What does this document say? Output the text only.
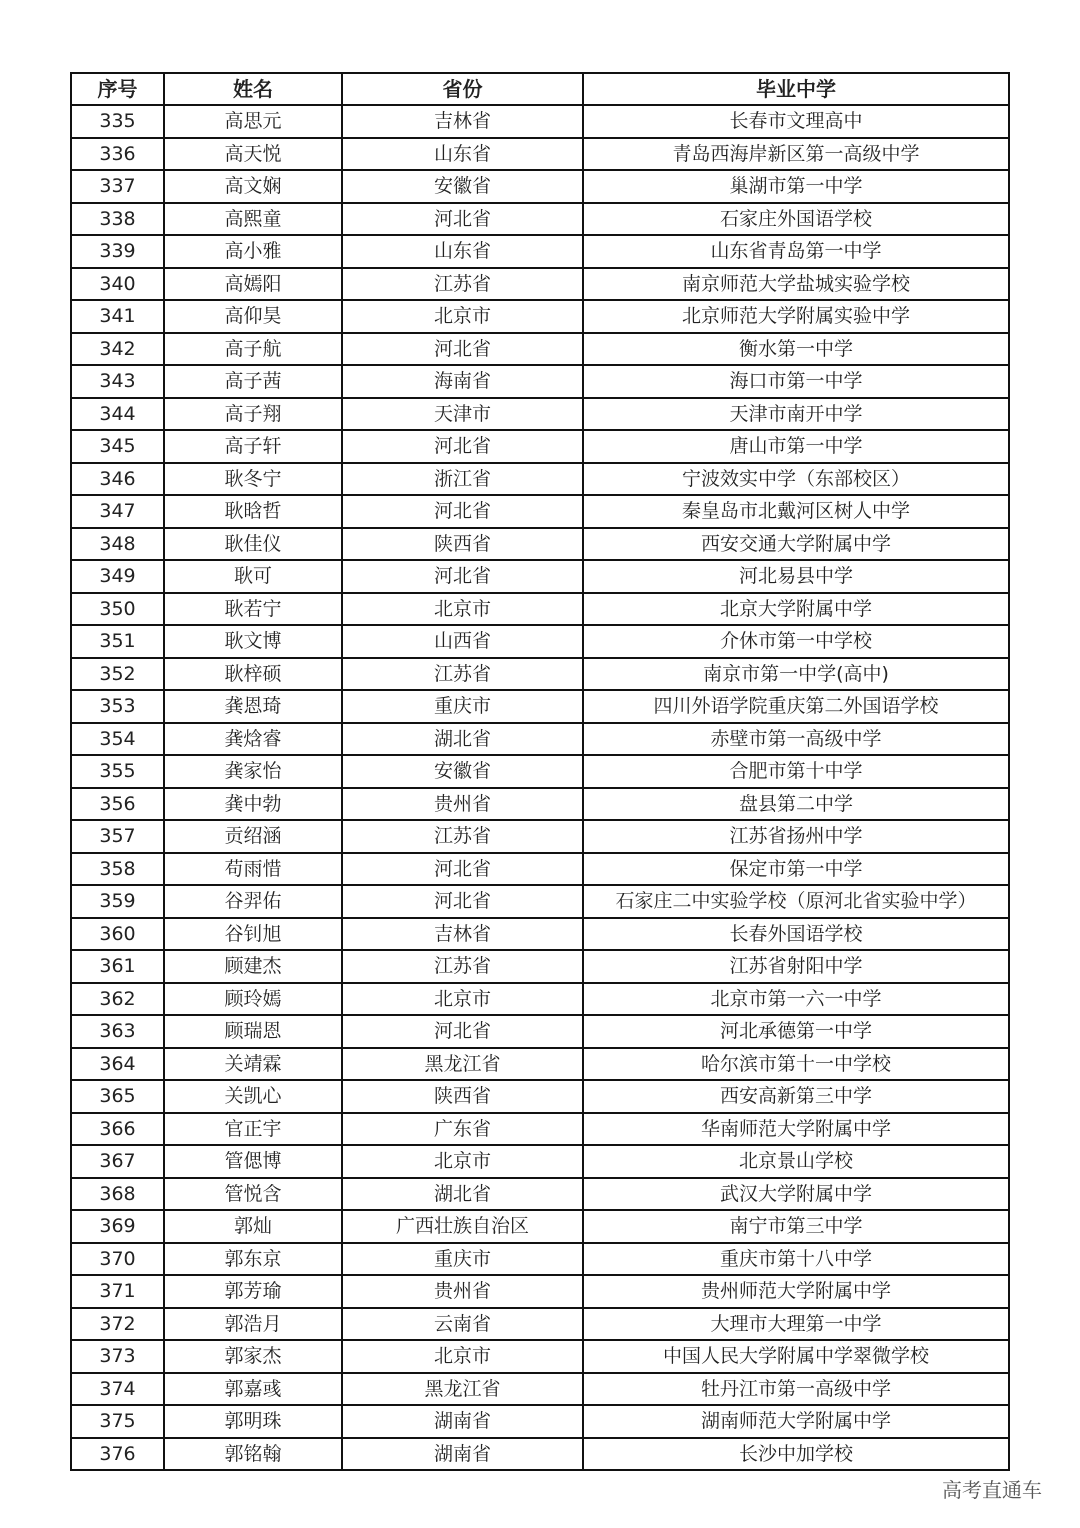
序号	姓名	省份	毕业中学
335	高思元	吉林省	长春市文理高中
336	高天悦	山东省	青岛西海岸新区第一高级中学
337	高文娴	安徽省	巢湖市第一中学
338	高熙童	河北省	石家庄外国语学校
339	高小雅	山东省	山东省青岛第一中学
340	高嫣阳	江苏省	南京师范大学盐城实验学校
341	高仰昊	北京市	北京师范大学附属实验中学
342	高子航	河北省	衡水第一中学
343	高子茜	海南省	海口市第一中学
344	高子翔	天津市	天津市南开中学
345	高子轩	河北省	唐山市第一中学
346	耿冬宁	浙江省	宁波效实中学（东部校区）
347	耿晗哲	河北省	秦皇岛市北戴河区树人中学
348	耿佳仪	陕西省	西安交通大学附属中学
349	耿可	河北省	河北易县中学
350	耿若宁	北京市	北京大学附属中学
351	耿文博	山西省	介休市第一中学校
352	耿梓硕	江苏省	南京市第一中学(高中)
353	龚恩琦	重庆市	四川外语学院重庆第二外国语学校
354	龚焓睿	湖北省	赤壁市第一高级中学
355	龚家怡	安徽省	合肥市第十中学
356	龚中勃	贵州省	盘县第二中学
357	贡绍涵	江苏省	江苏省扬州中学
358	苟雨惜	河北省	保定市第一中学
359	谷羿佑	河北省	石家庄二中实验学校（原河北省实验中学）
360	谷钊旭	吉林省	长春外国语学校
361	顾建杰	江苏省	江苏省射阳中学
362	顾玲嫣	北京市	北京市第一六一中学
363	顾瑞恩	河北省	河北承德第一中学
364	关靖霖	黑龙江省	哈尔滨市第十一中学校
365	关凯心	陕西省	西安高新第三中学
366	官正宇	广东省	华南师范大学附属中学
367	管偲博	北京市	北京景山学校
368	管悦含	湖北省	武汉大学附属中学
369	郭灿	广西壮族自治区	南宁市第三中学
370	郭东京	重庆市	重庆市第十八中学
371	郭芳瑜	贵州省	贵州师范大学附属中学
372	郭浩月	云南省	大理市大理第一中学
373	郭家杰	北京市	中国人民大学附属中学翠微学校
374	郭嘉彧	黑龙江省	牡丹江市第一高级中学
375	郭明珠	湖南省	湖南师范大学附属中学
376	郭铭翰	湖南省	长沙中加学校
高考直通车
